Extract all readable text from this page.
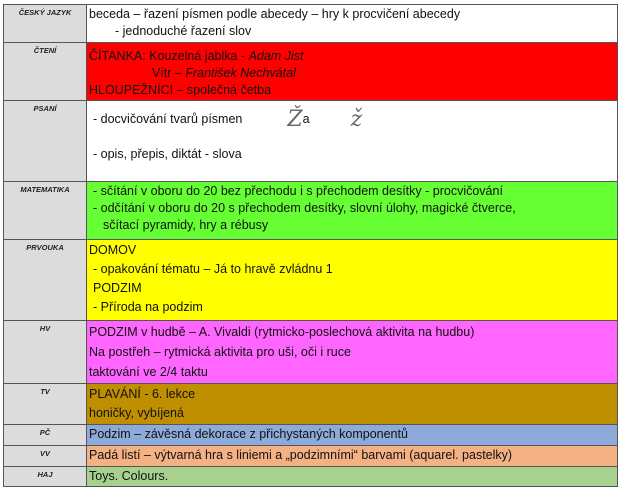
ČESKÝ JAZYK	beceda – řazení písmen podle abecedy – hry k procvičení abecedy
- jednoduché řazení slov

ČTENÍ	ČÍTANKA: Kouzelná jablka - Adam Jist
Vítr – František Nechvátal
HLOUPEŽNÍCI – společná četba

PSANÍ	- docvičování tvarů písmen Ža ž
- opis, přepis, diktát - slova

MATEMATIKA	- sčítání v oboru do 20 bez přechodu i s přechodem desítky - procvičování
- odčítání v oboru do 20 s přechodem desítky, slovní úlohy, magické čtverce,
sčítací pyramidy, hry a rébusy

PRVOUKA	DOMOV
- opakování tématu – Já to hravě zvládnu 1
PODZIM
- Příroda na podzim

HV	PODZIM v hudbě – A. Vivaldi (rytmicko-poslechová aktivita na hudbu)
Na postřeh – rytmická aktivita pro uši, oči i ruce
taktování ve 2/4 taktu

TV	PLAVÁNÍ - 6. lekce
honičky, vybíjená

PČ	Podzim – závěsná dekorace z přichystaných komponentů

VV	Padá listí – výtvarná hra s liniemi a „podzimními“ barvami (aquarel. pastelky)

HAJ	Toys. Colours.
